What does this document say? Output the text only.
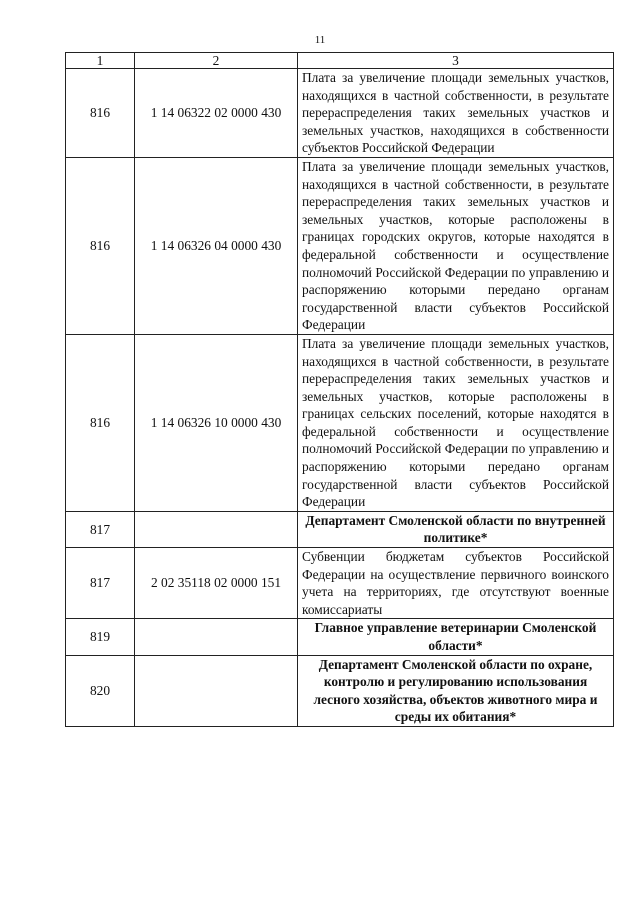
11
1	2	3
816	1 14 06322 02 0000 430	Плата за увеличение площади земельных участков, находящихся в частной собственности, в результате перераспределения таких земельных участков и земельных участков, находящихся в собственности субъектов Российской Федерации
816	1 14 06326 04 0000 430	Плата за увеличение площади земельных участков, находящихся в частной собственности, в результате перераспределения таких земельных участков и земельных участков, которые расположены в границах городских округов, которые находятся в федеральной собственности и осуществление полномочий Российской Федерации по управлению и распоряжению которыми передано органам государственной власти субъектов Российской Федерации
816	1 14 06326 10 0000 430	Плата за увеличение площади земельных участков, находящихся в частной собственности, в результате перераспределения таких земельных участков и земельных участков, которые расположены в границах сельских поселений, которые находятся в федеральной собственности и осуществление полномочий Российской Федерации по управлению и распоряжению которыми передано органам государственной власти субъектов Российской Федерации
817		Департамент Смоленской области по внутренней политике*
817	2 02 35118 02 0000 151	Субвенции бюджетам субъектов Российской Федерации на осуществление первичного воинского учета на территориях, где отсутствуют военные комиссариаты
819		Главное управление ветеринарии Смоленской области*
820		Департамент Смоленской области по охране, контролю и регулированию использования лесного хозяйства, объектов животного мира и среды их обитания*
